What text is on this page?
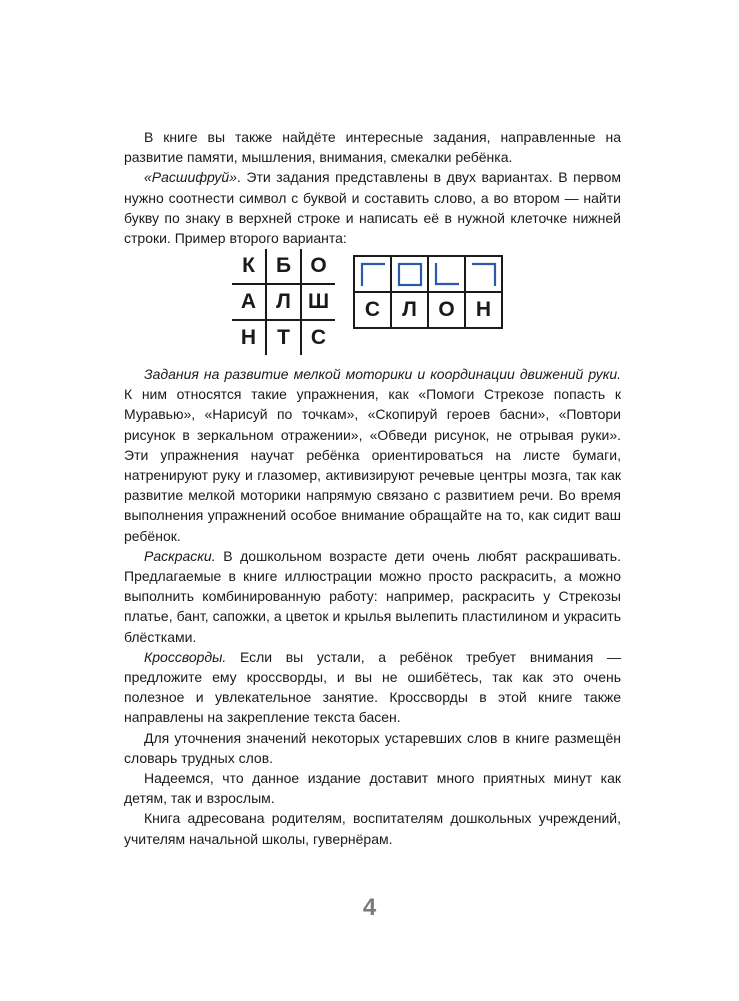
В книге вы также найдёте интересные задания, направленные на развитие памяти, мышления, внимания, смекалки ребёнка.

«Расшифруй». Эти задания представлены в двух вариантах. В первом нужно соотнести символ с буквой и составить слово, а во втором — найти букву по знаку в верхней строке и написать её в нужной клеточке нижней строки. Пример второго варианта:

К	Б	О
А	Л	Ш
Н	Т	С

С	Л	О	Н

Задания на развитие мелкой моторики и координации движений руки. К ним относятся такие упражнения, как «Помоги Стрекозе попасть к Муравью», «Нарисуй по точкам», «Скопируй героев басни», «Повтори рисунок в зеркальном отражении», «Обведи рисунок, не отрывая руки». Эти упражнения научат ребёнка ориентироваться на листе бумаги, натренируют руку и глазомер, активизируют речевые центры мозга, так как развитие мелкой моторики напрямую связано с развитием речи. Во время выполнения упражнений особое внимание обращайте на то, как сидит ваш ребёнок.

Раскраски. В дошкольном возрасте дети очень любят раскрашивать. Предлагаемые в книге иллюстрации можно просто раскрасить, а можно выполнить комбинированную работу: например, раскрасить у Стрекозы платье, бант, сапожки, а цветок и крылья вылепить пластилином и украсить блёстками.

Кроссворды. Если вы устали, а ребёнок требует внимания — предложите ему кроссворды, и вы не ошибётесь, так как это очень полезное и увлекательное занятие. Кроссворды в этой книге также направлены на закрепление текста басен.

Для уточнения значений некоторых устаревших слов в книге размещён словарь трудных слов.

Надеемся, что данное издание доставит много приятных минут как детям, так и взрослым.

Книга адресована родителям, воспитателям дошкольных учреждений, учителям начальной школы, гувернёрам.

4
